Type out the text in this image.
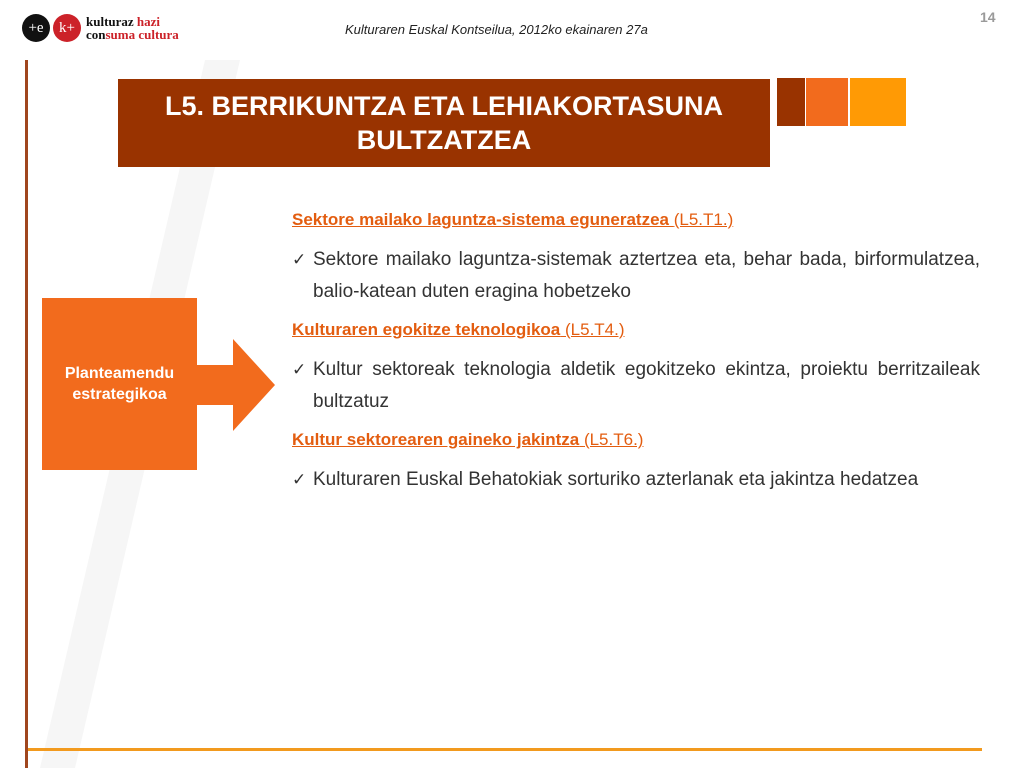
+e	k+ kulturaz hazi
consuma cultura	Kulturaren Euskal Kontseilua, 2012ko ekainaren 27a
14
L5. BERRIKUNTZA ETA LEHIAKORTASUNA BULTZATZEA
Planteamendu estrategikoa
Sektore mailako laguntza-sistema eguneratzea (L5.T1.)
✓ Sektore mailako laguntza-sistemak aztertzea eta, behar bada, birformulatzea, balio-katean duten eragina hobetzeko
Kulturaren egokitze teknologikoa (L5.T4.)
✓ Kultur sektoreak teknologia aldetik egokitzeko ekintza, proiektu berritzaileak bultzatuz
Kultur sektorearen gaineko jakintza (L5.T6.)
✓ Kulturaren Euskal Behatokiak sorturiko azterlanak eta jakintza hedatzea
